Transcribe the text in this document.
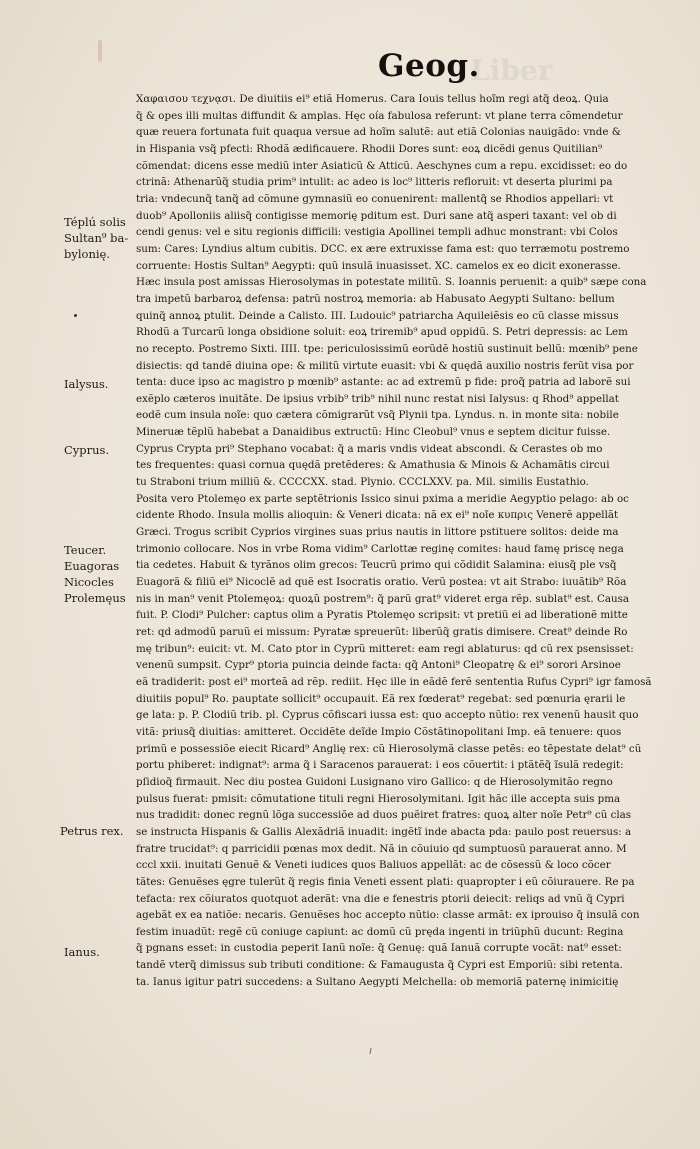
Liber
Geog.
Téplú solis
Sultan⁹ ba-
bylonię.
Ialysus.
Cyprus.
Teucer.
Euagoras
Nicocles
Prolemęus
Petrus rex.
Ianus.
Χαφαισου τεχνᾳσι. De diuitiis ei⁹ etiã Homerus. Cara Iouis tellus hoĩm regi atq̃ deoꝝ. Quia
q̃ & opes illi multas diffundit & amplas. Hęc oía fabulosa referunt: vt plane terra cõmendetur
quæ reuera fortunata fuit quaqua versue ad hoĩm salutẽ: aut etiã Colonias nauigãdo: vnde &
in Hispania vsq̃ pfecti: Rhodã ædificauere. Rhodii Dores sunt: eoꝝ dicẽdi genus Quitilian⁹
cõmendat: dicens esse mediũ inter Asiaticũ & Atticũ. Aeschynes cum a repu. excidisset: eo do
ctrinã: Athenarũq̃ studia prim⁹ intulit: ac adeo is loc⁹ litteris refloruit: vt deserta plurimi pa
tria: vndecunq̃ tanq̃ ad cõmune gymnasiũ eo conuenirent: mallentq̃ se Rhodios appellari: vt
duob⁹ Apolloniis aliisq̃ contigisse memorię pditum est. Duri sane atq̃ asperi taxant: vel ob di
cendi genus: vel e situ regionis difficili: vestigia Apollinei templi adhuc monstrant: vbi Colos
sum: Cares: Lyndius altum cubitis. DCC. ex ære extruxisse fama est: quo terræmotu postremo
corruente: Hostis Sultan⁹ Aegypti: quũ insulã inuasisset. XC. camelos ex eo dicit exonerasse.
Hæc insula post amissas Hierosolymas in potestate militũ. S. Ioannis peruenit: a quib⁹ sæpe cona
tra impetũ barbaroꝝ defensa: patrũ nostroꝝ memoria: ab Habusato Aegypti Sultano: bellum
quinq̃ annoꝝ ptulit. Deinde a Calisto. III. Ludouic⁹ patriarcha Aquileiẽsis eo cũ classe missus
Rhodũ a Turcarũ longa obsidione soluit: eoꝝ triremib⁹ apud oppidũ. S. Petri depressis: ac Lem
no recepto. Postremo Sixti. IIII. tpe: periculosissimũ eorũdẽ hostiũ sustinuit bellũ: mœnib⁹ pene
disiectis: qd tandẽ diuina ope: & militũ virtute euasit: vbi & quędã auxilio nostris ferũt visa por
tenta: duce ipso ac magistro p mœnib⁹ astante: ac ad extremũ p fide: proq̃ patria ad laborẽ sui
exẽplo cæteros inuitãte. De ipsius vrbib⁹ trib⁹ nihil nunc restat nisi Ialysus: q Rhod⁹ appellat
eodẽ cum insula noĩe: quo cætera cõmigrarũt vsq̃ Plynii tpa. Lyndus. n. in monte sita: nobile
Mineruæ tẽplũ habebat a Danaidibus extructũ: Hinc Cleobul⁹ vnus e septem dicitur fuisse.
Cyprus Crypta pri⁹ Stephano vocabat: q̃ a maris vndis videat abscondi. & Cerastes ob mo
tes frequentes: quasi cornua quędã pretẽderes: & Amathusia & Minois & Achamãtis circui
tu Straboni trium milliũ &. CCCCXX. stad. Plynio. CCCLXXV. pa. Mil. similis Eustathio.
Posita vero Ptolemęo ex parte septẽtrionis Issico sinui pxima a meridie Aegyptio pelago: ab oc
cidente Rhodo. Insula mollis alioquin: & Veneri dicata: nã ex ei⁹ noĩe κυπρις Venerẽ appellãt
Græci. Trogus scribit Cyprios virgines suas prius nautis in littore pstituere solitos: deide ma
trimonio collocare. Nos in vrbe Roma vidim⁹ Carlottæ reginę comites: haud famę priscę nega
tia cedetes. Habuit & tyrãnos olim grecos: Teucrũ primo qui cõdidit Salamina: eiusq̃ ple vsq̃
Euagorã & filiũ ei⁹ Nicoclẽ ad quẽ est Isocratis oratio. Verũ postea: vt ait Strabo: iuuãtib⁹ Rõa
nis in man⁹ venit Ptolemęoꝝ: quoꝝũ postrem⁹: q̃ parũ grat⁹ videret erga rẽp. sublat⁹ est. Causa
fuit. P. Clodi⁹ Pulcher: captus olim a Pyratis Ptolemęo scripsit: vt pretiũ ei ad liberationẽ mitte
ret: qd admodũ paruũ ei missum: Pyratæ spreuerũt: liberũq̃ gratis dimisere. Creat⁹ deinde Ro
mę tribun⁹: euicit: vt. M. Cato ptor in Cyprũ mitteret: eam regi ablaturus: qd cũ rex psensisset:
venenũ sumpsit. Cypr⁹ ptoria puincia deinde facta: qq̃ Antoni⁹ Cleopatrę & ei⁹ sorori Arsinoe
eã tradiderit: post ei⁹ morteã ad rẽp. rediit. Hęc ille in eãdẽ ferẽ sententia Rufus Cypri⁹ igr famosã
diuitiis popul⁹ Ro. pauptate sollicit⁹ occupauit. Eã rex fœderat⁹ regebat: sed pœnuria ęrarii le
ge lata: p. P. Clodiũ trib. pl. Cyprus cõfiscari iussa est: quo accepto nũtio: rex venenũ hausit quo
vitã: priusq̃ diuitias: amitteret. Occidẽte deĩde Impio Cõstãtinopolitani Imp. eã tenuere: quos
primũ e possessiõe eiecit Ricard⁹ Anglię rex: cũ Hierosolymã classe petẽs: eo tẽpestate delat⁹ cũ
portu phiberet: indignat⁹: arma q̃ i Saracenos parauerat: i eos cõuertit: i ptãtẽq̃ ĩsulã redegit:
pſidioq̃ firmauit. Nec diu postea Guidoni Lusignano viro Gallico: q de Hierosolymitão regno
pulsus fuerat: pmisit: cõmutatione tituli regni Hierosolymitani. Igit hãc ille accepta suis pma
nus tradidit: donec regnũ lõga successiõe ad duos puẽiret fratres: quoꝝ alter noĩe Petr⁹ cũ clas
se instructa Hispanis & Gallis Alexãdriã inuadit: ingẽtĩ inde abacta pda: paulo post reuersus: a
fratre trucidat⁹: q parricidii pœnas mox dedit. Nã in cõuiuio qd sumptuosũ parauerat anno. M
cccl xxii. inuitati Genuẽ & Veneti iudices quos Baliuos appellãt: ac de cõsessũ & loco cõcer
tãtes: Genuẽses ęgre tulerũt q̃ regis finia Veneti essent plati: quapropter i eũ cõiurauere. Re pa
tefacta: rex cõiuratos quotquot aderãt: vna die e fenestris ptorii deiecit: reliqs ad vnũ q̃ Cypri
agebãt ex ea natiõe: necaris. Genuẽses hoc accepto nũtio: classe armãt: ex iprouiso q̃ insulã con
festim inuadũt: regẽ cũ coniuge capiunt: ac domũ cũ pręda ingenti in triũphũ ducunt: Regina
q̃ pgnans esset: in custodia peperit Ianũ noĩe: q̃ Genuę: quã Ianuã corrupte vocãt: nat⁹ esset:
tandẽ vterq̃ dimissus sub tributi conditione: & Famaugusta q̃ Cypri est Emporiũ: sibi retenta.
ta. Ianus igitur patri succedens: a Sultano Aegypti Melchella: ob memoriã paternę inimicitię
